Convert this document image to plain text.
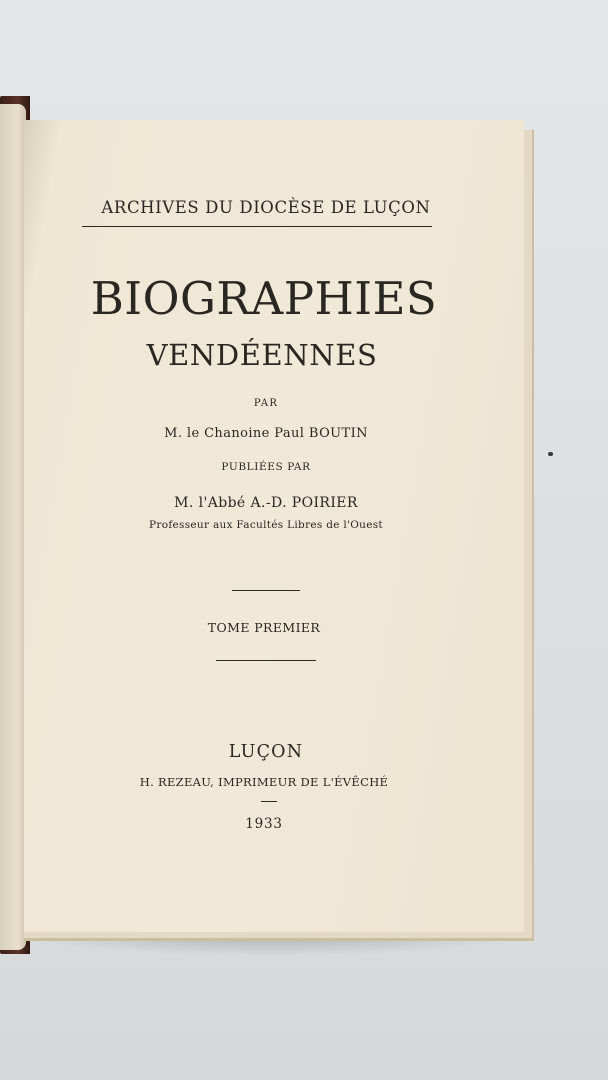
ARCHIVES DU DIOCÈSE DE LUÇON
BIOGRAPHIES
VENDÉENNES
PAR
M. le Chanoine Paul BOUTIN
PUBLIÉES PAR
M. l'Abbé A.-D. POIRIER
Professeur aux Facultés Libres de l'Ouest
TOME PREMIER
LUÇON
H. REZEAU, IMPRIMEUR DE L'ÉVÊCHÉ
1933
